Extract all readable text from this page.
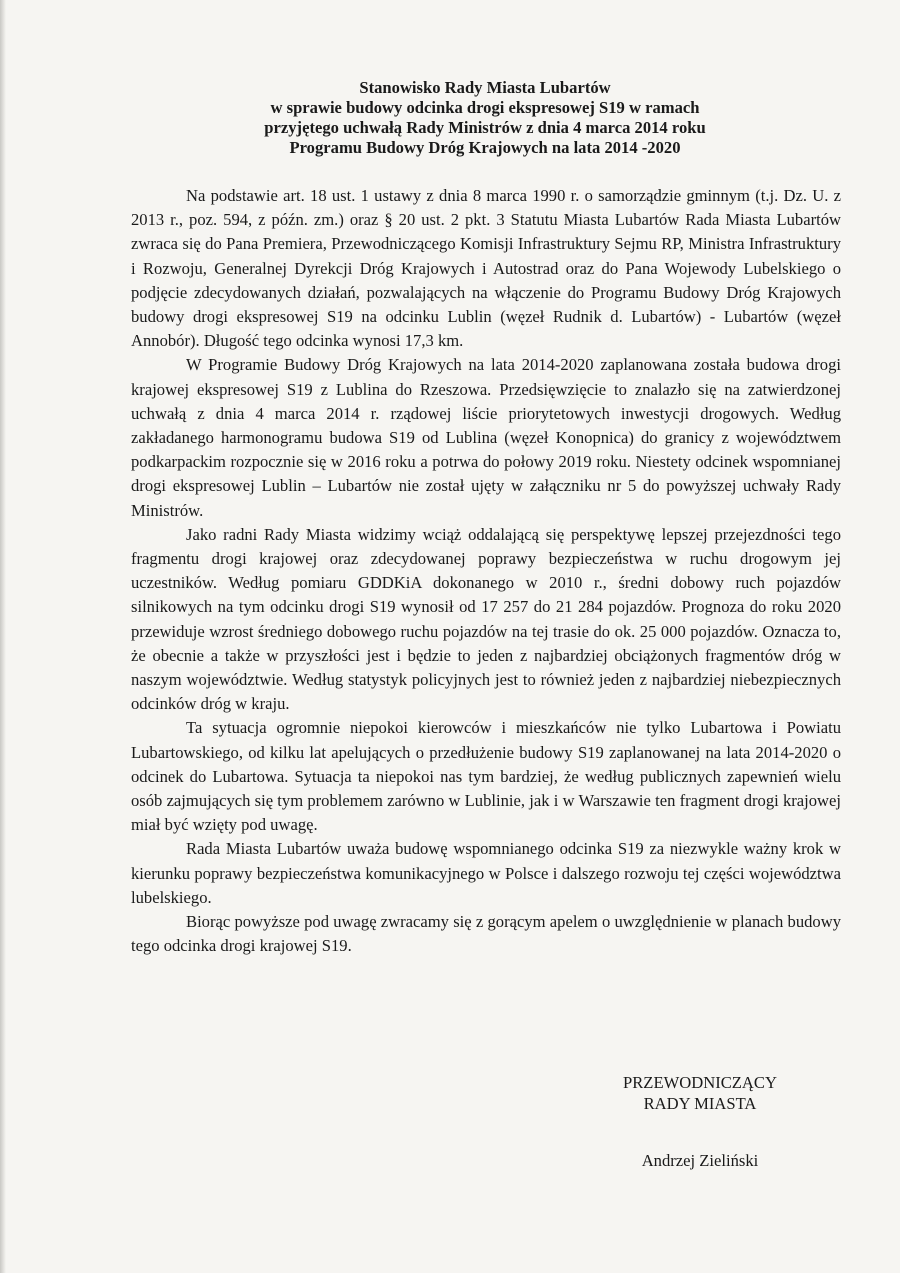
Stanowisko Rady Miasta Lubartów
w sprawie budowy odcinka drogi ekspresowej S19 w ramach
przyjętego uchwałą Rady Ministrów z dnia 4 marca 2014 roku
Programu Budowy Dróg Krajowych na lata 2014 -2020

Na podstawie art. 18 ust. 1 ustawy z dnia 8 marca 1990 r. o samorządzie gminnym (t.j. Dz. U. z 2013 r., poz. 594, z późn. zm.) oraz § 20 ust. 2 pkt. 3 Statutu Miasta Lubartów Rada Miasta Lubartów zwraca się do Pana Premiera, Przewodniczącego Komisji Infrastruktury Sejmu RP, Ministra Infrastruktury i Rozwoju, Generalnej Dyrekcji Dróg Krajowych i Autostrad oraz do Pana Wojewody Lubelskiego o podjęcie zdecydowanych działań, pozwalających na włączenie do Programu Budowy Dróg Krajowych budowy drogi ekspresowej S19 na odcinku Lublin (węzeł Rudnik d. Lubartów) - Lubartów (węzeł Annobór). Długość tego odcinka wynosi 17,3 km.

W Programie Budowy Dróg Krajowych na lata 2014-2020 zaplanowana została budowa drogi krajowej ekspresowej S19 z Lublina do Rzeszowa. Przedsięwzięcie to znalazło się na zatwierdzonej uchwałą z dnia 4 marca 2014 r. rządowej liście priorytetowych inwestycji drogowych. Według zakładanego harmonogramu budowa S19 od Lublina (węzeł Konopnica) do granicy z województwem podkarpackim rozpocznie się w 2016 roku a potrwa do połowy 2019 roku. Niestety odcinek wspomnianej drogi ekspresowej Lublin – Lubartów nie został ujęty w załączniku nr 5 do powyższej uchwały Rady Ministrów.

Jako radni Rady Miasta widzimy wciąż oddalającą się perspektywę lepszej przejezdności tego fragmentu drogi krajowej oraz zdecydowanej poprawy bezpieczeństwa w ruchu drogowym jej uczestników. Według pomiaru GDDKiA dokonanego w 2010 r., średni dobowy ruch pojazdów silnikowych na tym odcinku drogi S19 wynosił od 17 257 do 21 284 pojazdów. Prognoza do roku 2020 przewiduje wzrost średniego dobowego ruchu pojazdów na tej trasie do ok. 25 000 pojazdów. Oznacza to, że obecnie a także w przyszłości jest i będzie to jeden z najbardziej obciążonych fragmentów dróg w naszym województwie. Według statystyk policyjnych jest to również jeden z najbardziej niebezpiecznych odcinków dróg w kraju.

Ta sytuacja ogromnie niepokoi kierowców i mieszkańców nie tylko Lubartowa i Powiatu Lubartowskiego, od kilku lat apelujących o przedłużenie budowy S19 zaplanowanej na lata 2014-2020 o odcinek do Lubartowa. Sytuacja ta niepokoi nas tym bardziej, że według publicznych zapewnień wielu osób zajmujących się tym problemem zarówno w Lublinie, jak i w Warszawie ten fragment drogi krajowej miał być wzięty pod uwagę.

Rada Miasta Lubartów uważa budowę wspomnianego odcinka S19 za niezwykle ważny krok w kierunku poprawy bezpieczeństwa komunikacyjnego w Polsce i dalszego rozwoju tej części województwa lubelskiego.

Biorąc powyższe pod uwagę zwracamy się z gorącym apelem o uwzględnienie w planach budowy tego odcinka drogi krajowej S19.

PRZEWODNICZĄCY
RADY MIASTA
Andrzej Zieliński
